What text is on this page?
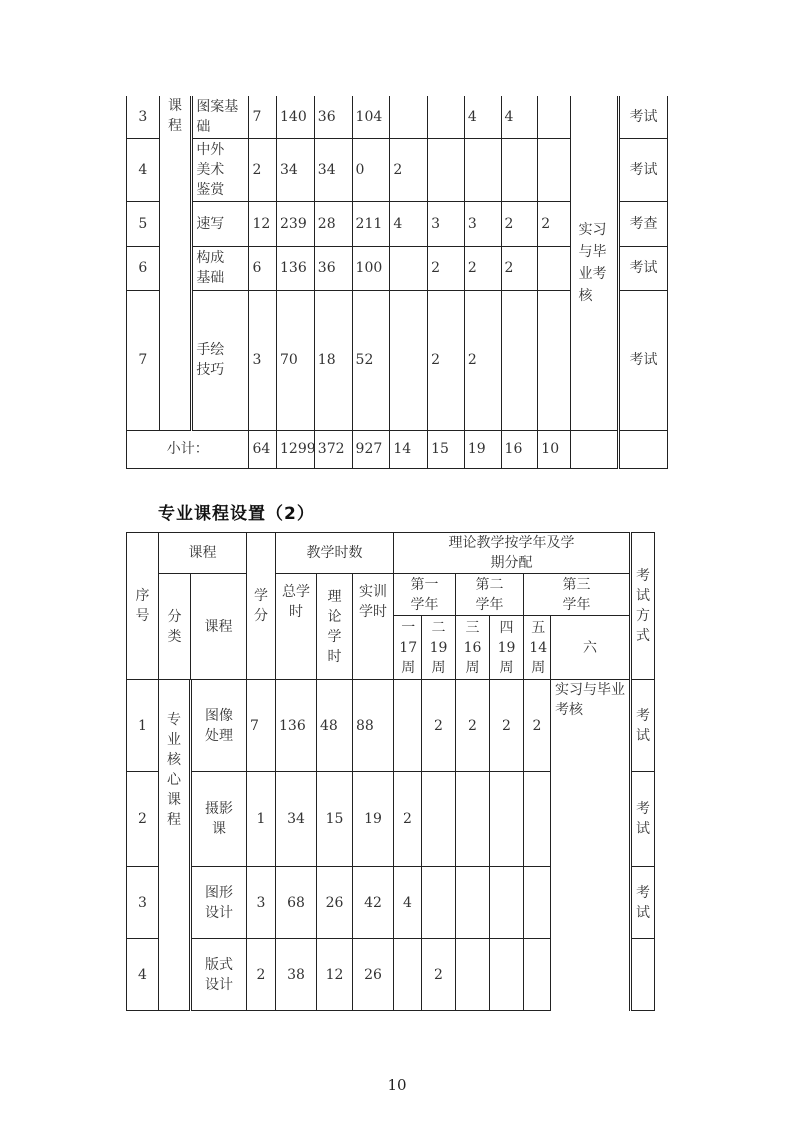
3	课程	图案基础	7	140	36	104			4	4		实习与毕业考核	考试
4		中外美术鉴赏	2	34	34	0	2						考试
5		速写	12	239	28	211	4	3	3	2	2		考查
6		构成基础	6	136	36	100		2	2	2			考试
7		手绘技巧	3	70	18	52		2	2				考试
小计：			64	1299	372	927	14	15	19	16	10		
专业课程设置（2）
序号	课程		学分	教学时数			理论教学按学年及学期分配						考试方式

	分类	课程		总学时	理论学时	实训学时	第一学年		第二学年		第三学年		

							一17周	二19周	三16周	四19周	五14周	六	

1	专业核心课程	图像处理	7	136	48	88		2	2	2	2	实习与毕业考核	考试

2		摄影课	1	34	15	19	2						考试

3		图形设计	3	68	26	42	4						考试

4		版式设计	2	38	12	26		2					
10
